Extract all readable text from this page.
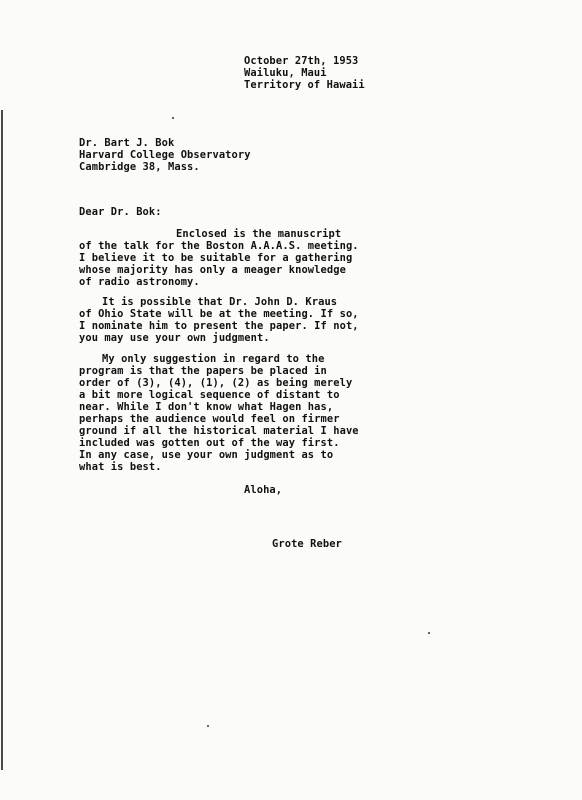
October 27th, 1953
Wailuku, Maui
Territory of Hawaii
Dr. Bart J. Bok
Harvard College Observatory
Cambridge 38, Mass.
Dear Dr. Bok:
Enclosed is the manuscript
of the talk for the Boston A.A.A.S. meeting.
I believe it to be suitable for a gathering
whose majority has only a meager knowledge
of radio astronomy.
It is possible that Dr. John D. Kraus
of Ohio State will be at the meeting. If so,
I nominate him to present the paper. If not,
you may use your own judgment.
My only suggestion in regard to the
program is that the papers be placed in
order of (3), (4), (1), (2) as being merely
a bit more logical sequence of distant to
near. While I don't know what Hagen has,
perhaps the audience would feel on firmer
ground if all the historical material I have
included was gotten out of the way first.
In any case, use your own judgment as to
what is best.
Aloha,
Grote Reber
